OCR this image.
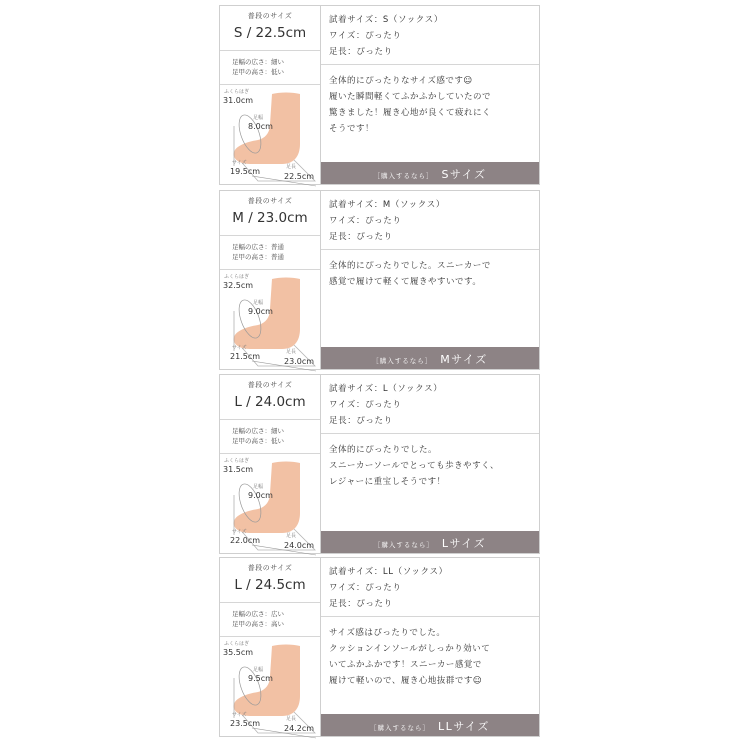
普段のサイズ
S / 22.5cm
足幅の広さ：細い
足甲の高さ：低い
ふくらはぎ
31.0cm
足幅
8.0cm
サイズ
19.5cm	足長
22.5cm
試着サイズ：S（ソックス）
ワイズ：ぴったり
足長：ぴったり
全体的にぴったりなサイズ感です☺
履いた瞬間軽くてふかふかしていたので
驚きました！履き心地が良くて疲れにく
そうです！
［購入するなら］ Sサイズ
普段のサイズ
M / 23.0cm
足幅の広さ：普通
足甲の高さ：普通
ふくらはぎ
32.5cm
足幅
9.0cm
サイズ
21.5cm	足長
23.0cm
試着サイズ：M（ソックス）
ワイズ：ぴったり
足長：ぴったり
全体的にぴったりでした。スニーカーで
感覚で履けて軽くて履きやすいです。
［購入するなら］ Mサイズ
普段のサイズ
L / 24.0cm
足幅の広さ：細い
足甲の高さ：低い
ふくらはぎ
31.5cm
足幅
9.0cm
サイズ
22.0cm	足長
24.0cm
試着サイズ：L（ソックス）
ワイズ：ぴったり
足長：ぴったり
全体的にぴったりでした。
スニーカーソールでとっても歩きやすく、
レジャーに重宝しそうです！
［購入するなら］ Lサイズ
普段のサイズ
L / 24.5cm
足幅の広さ：広い
足甲の高さ：高い
ふくらはぎ
35.5cm
足幅
9.5cm
サイズ
23.5cm	足長
24.2cm
試着サイズ：LL（ソックス）
ワイズ：ぴったり
足長：ぴったり
サイズ感はぴったりでした。
クッションインソールがしっかり効いて
いてふかふかです！スニーカー感覚で
履けて軽いので、履き心地抜群です☺
［購入するなら］ LLサイズ
